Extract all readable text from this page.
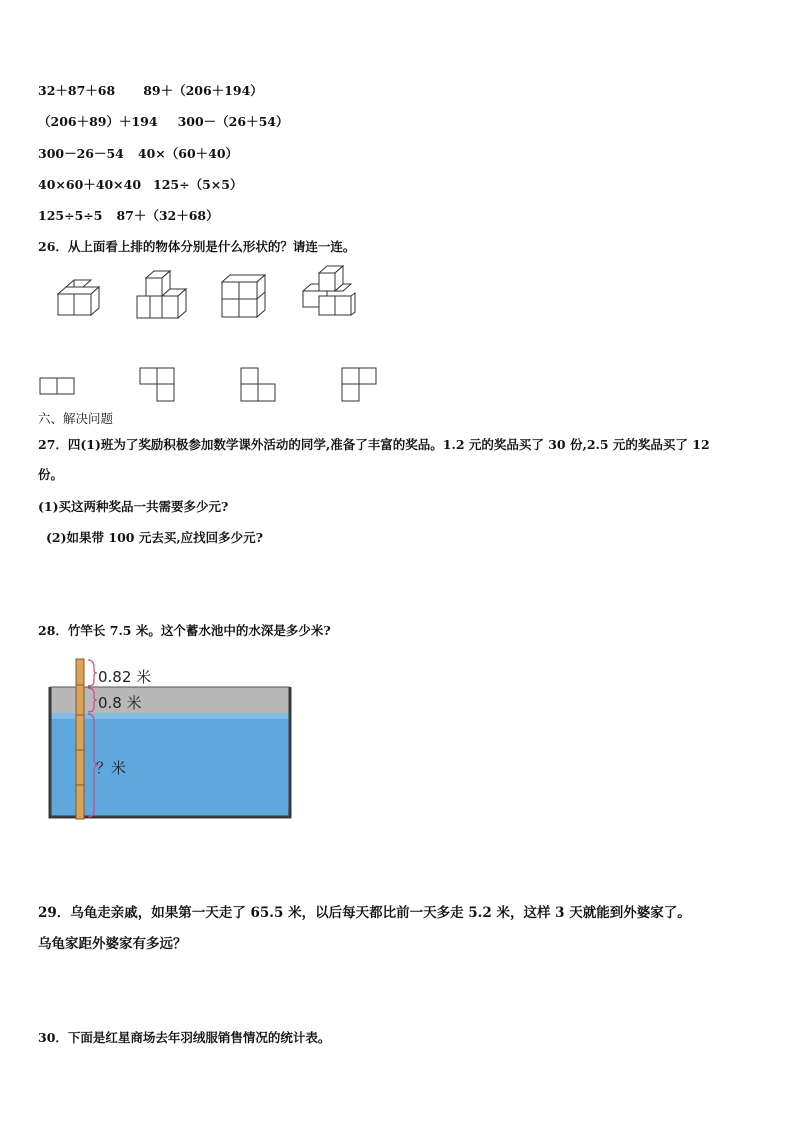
32＋87＋68 89＋（206＋194）
（206＋89）＋194 300－（26＋54）
300－26－54 40×（60＋40）
40×60＋40×40 125÷（5×5）
125÷5÷5 87＋（32＋68）
26．从上面看上排的物体分别是什么形状的？请连一连。
六、解决问题
27．四(1)班为了奖励积极参加数学课外活动的同学,准备了丰富的奖品。1.2 元的奖品买了 30 份,2.5 元的奖品买了 12
份。
(1)买这两种奖品一共需要多少元?
(2)如果带 100 元去买,应找回多少元?
28．竹竿长 7.5 米。这个蓄水池中的水深是多少米?
0.82 米
0.8 米
？米
29．乌龟走亲戚，如果第一天走了 65.5 米，以后每天都比前一天多走 5.2 米，这样 3 天就能到外婆家了。
乌龟家距外婆家有多远？
30．下面是红星商场去年羽绒服销售情况的统计表。
